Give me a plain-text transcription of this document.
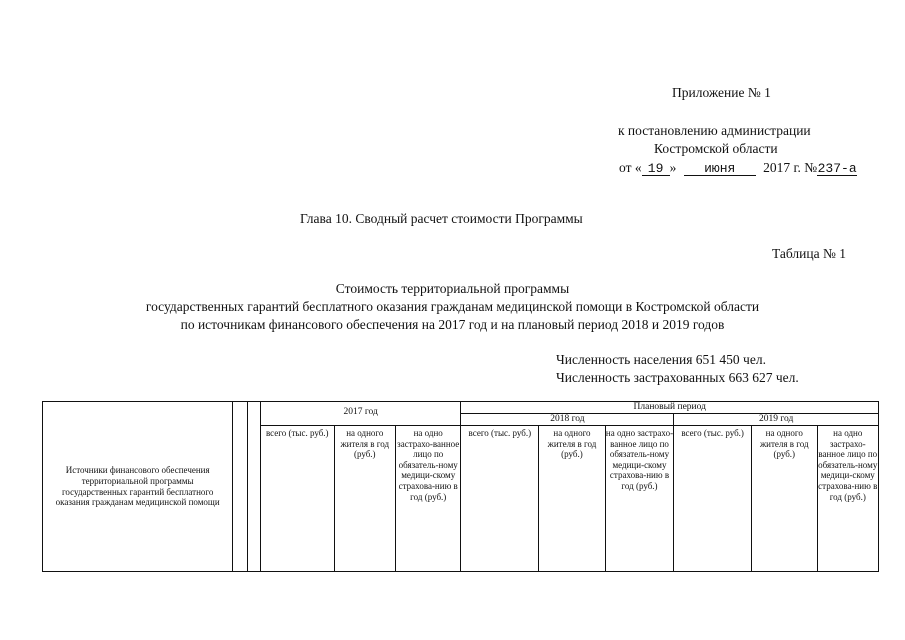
Приложение № 1
к постановлению администрации
Костромской области
от « 19 » июня 2017 г. №237-а
Глава 10. Сводный расчет стоимости Программы
Таблица № 1
Стоимость территориальной программы
государственных гарантий бесплатного оказания гражданам медицинской помощи в Костромской области
по источникам финансового обеспечения на 2017 год и на плановый период 2018 и 2019 годов
Численность населения 651 450 чел.
Численность застрахованных 663 627 чел.
Источники финансового обеспечения территориальной программы государственных гарантий бесплатного оказания гражданам медицинской помощи			2017 год			Плановый период					

						2018 год			2019 год		

			всего (тыс. руб.)	на одного жителя в год (руб.)	на одно застрахо-ванное лицо по обязатель-ному медици-скому страхова-нию в год (руб.)	всего (тыс. руб.)	на одного жителя в год (руб.)	на одно застрахо-ванное лицо по обязатель-ному медици-скому страхова-нию в год (руб.)	всего (тыс. руб.)	на одного жителя в год (руб.)	на одно застрахо-ванное лицо по обязатель-ному медици-скому страхова-нию в год (руб.)
